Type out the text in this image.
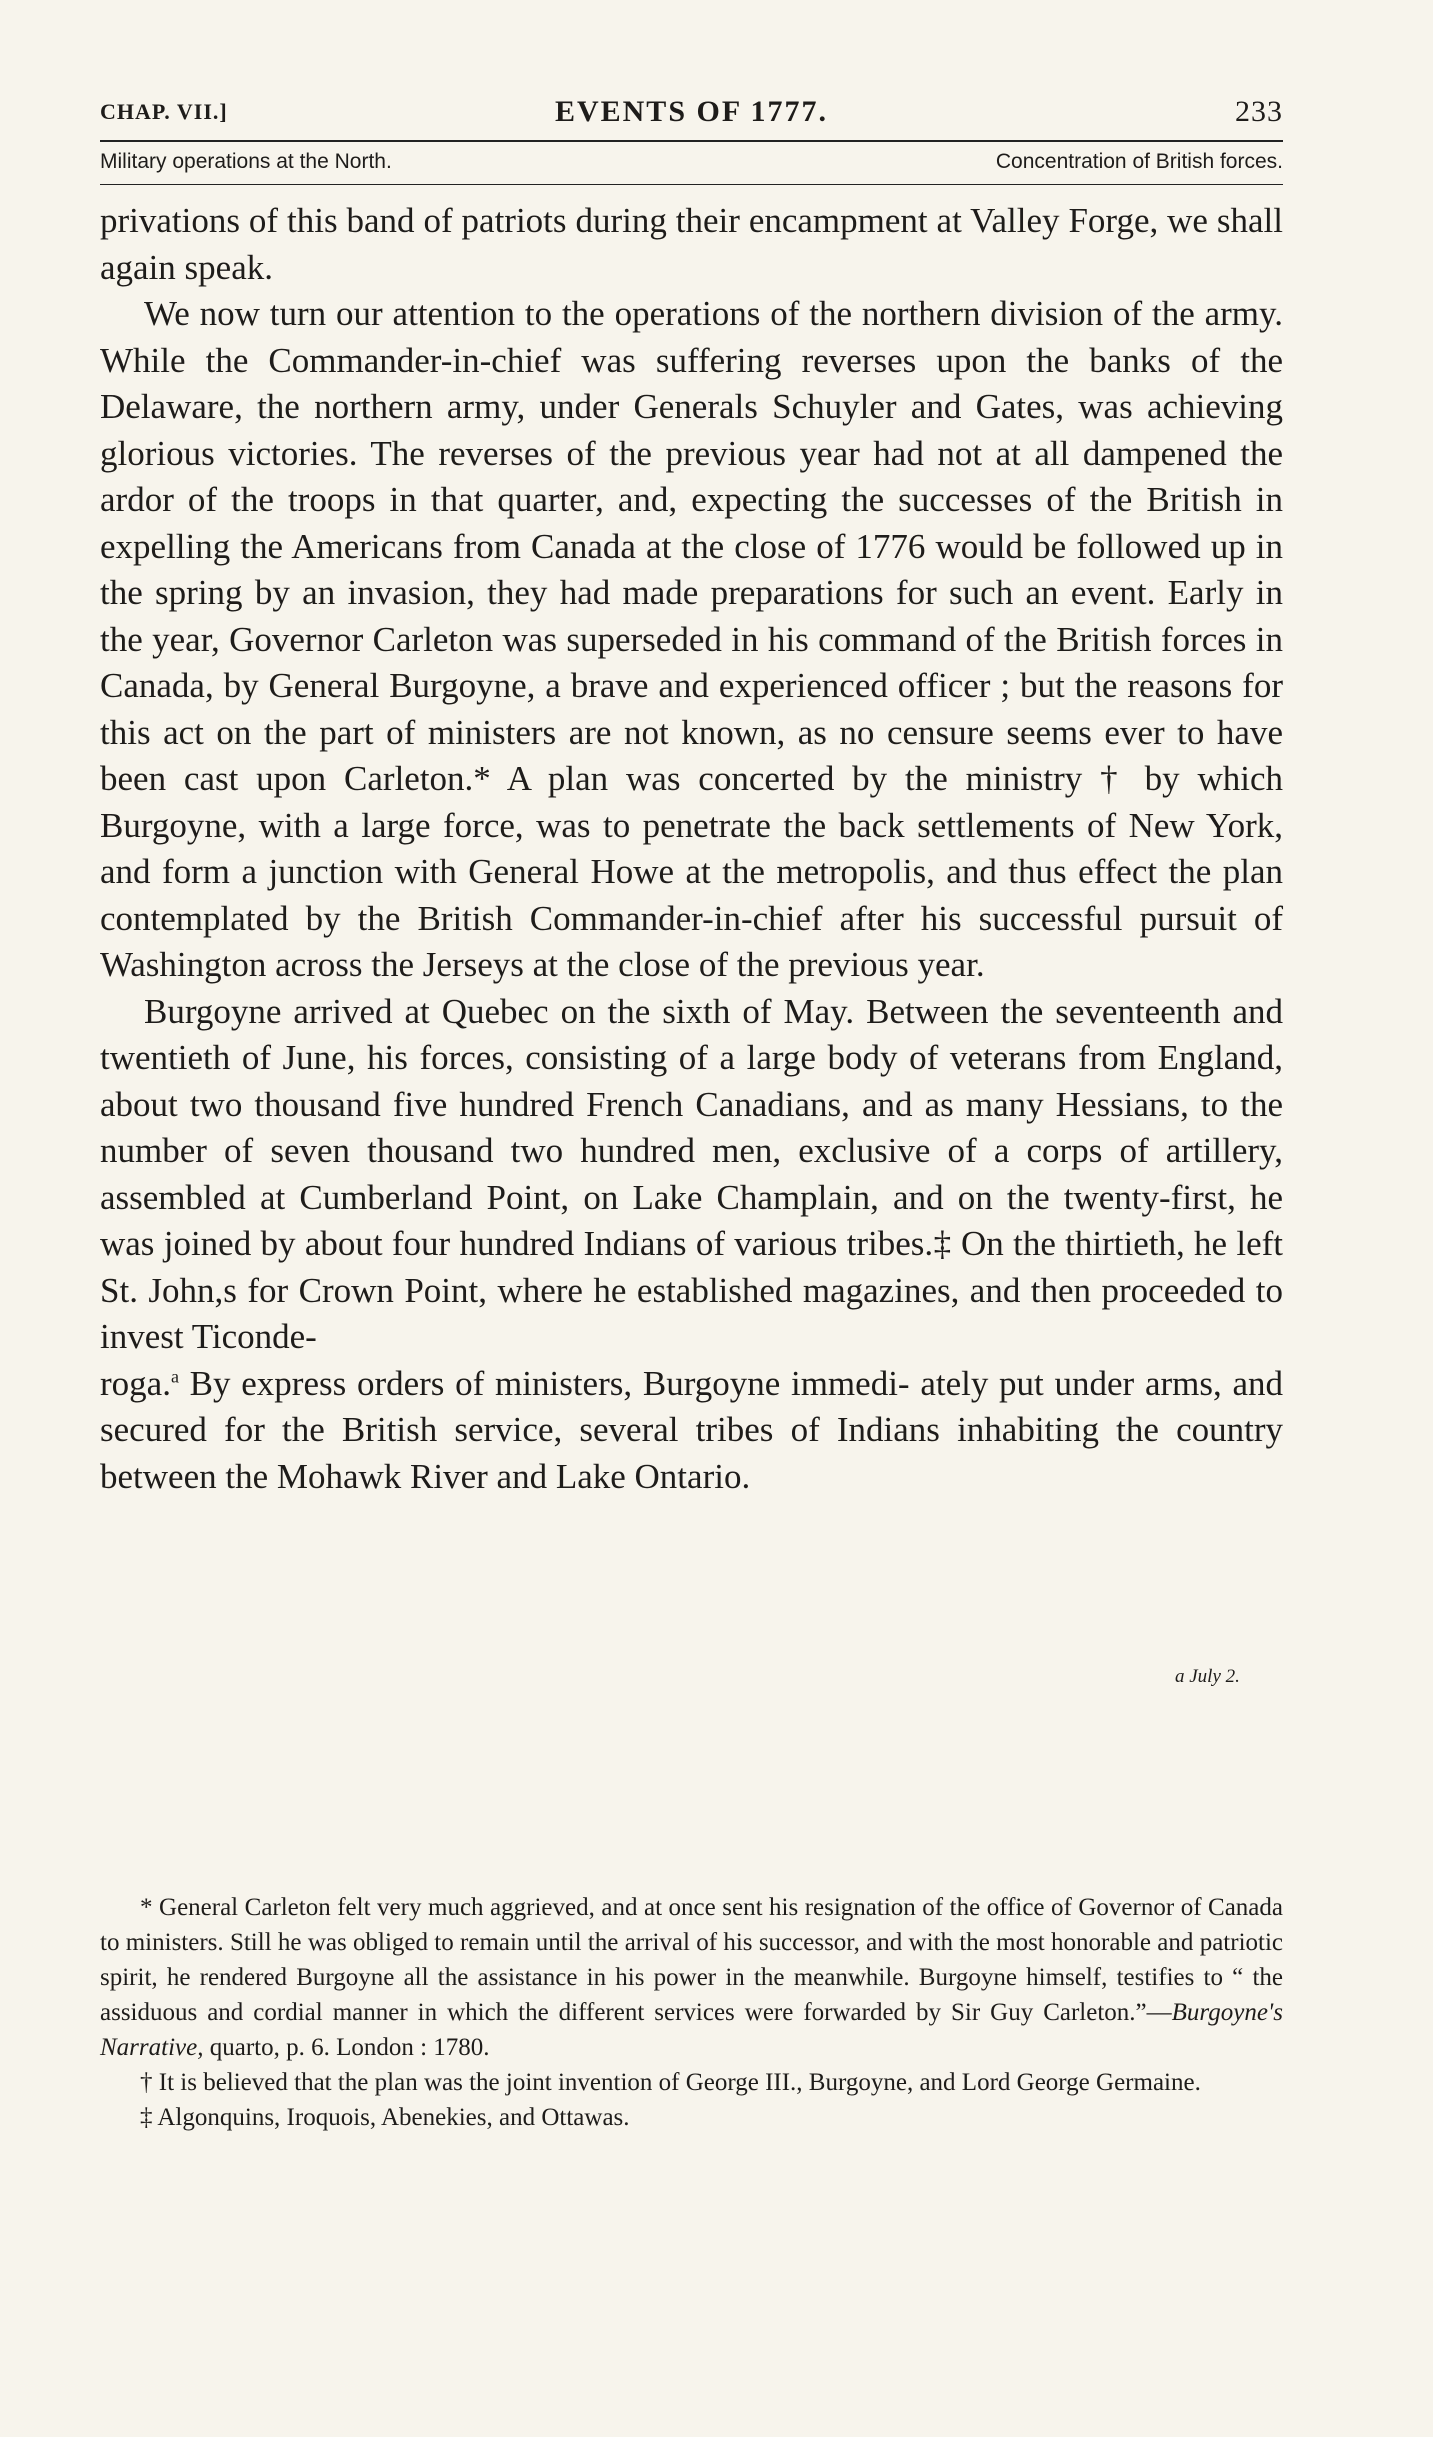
CHAP. VII.]	EVENTS OF 1777.	233
Military operations at the North.	Concentration of British forces.

privations of this band of patriots during their encampment at Valley Forge, we shall again speak.

We now turn our attention to the operations of the northern division of the army. While the Commander-in-chief was suffering reverses upon the banks of the Delaware, the northern army, under Generals Schuyler and Gates, was achieving glorious victories. The reverses of the previous year had not at all dampened the ardor of the troops in that quarter, and, expecting the successes of the British in expelling the Americans from Canada at the close of 1776 would be followed up in the spring by an invasion, they had made preparations for such an event. Early in the year, Governor Carleton was superseded in his command of the British forces in Canada, by General Burgoyne, a brave and experienced officer ; but the reasons for this act on the part of ministers are not known, as no censure seems ever to have been cast upon Carleton.* A plan was concerted by the ministry † by which Burgoyne, with a large force, was to penetrate the back settlements of New York, and form a junction with General Howe at the metropolis, and thus effect the plan contemplated by the British Commander-in-chief after his successful pursuit of Washington across the Jerseys at the close of the previous year.

Burgoyne arrived at Quebec on the sixth of May. Between the seventeenth and twentieth of June, his forces, consisting of a large body of veterans from England, about two thousand five hundred French Canadians, and as many Hessians, to the number of seven thousand two hundred men, exclusive of a corps of artillery, assembled at Cumberland Point, on Lake Champlain, and on the twenty-first, he was joined by about four hundred Indians of various tribes.‡ On the thirtieth, he left St. John,s for Crown Point, where he established magazines, and then proceeded to invest Ticonde-
roga.$^a$ By express orders of ministers, Burgoyne immedi- ately put under arms, and secured for the British service, several tribes of Indians inhabiting the country between the Mohawk River and Lake Ontario.

a July 2.

* General Carleton felt very much aggrieved, and at once sent his resignation of the office of Governor of Canada to ministers. Still he was obliged to remain until the arrival of his successor, and with the most honorable and patriotic spirit, he rendered Burgoyne all the assistance in his power in the meanwhile. Burgoyne himself, testifies to “ the assiduous and cordial manner in which the different services were forwarded by Sir Guy Carleton.”—Burgoyne's Narrative, quarto, p. 6. London : 1780.

† It is believed that the plan was the joint invention of George III., Burgoyne, and Lord George Germaine.

‡ Algonquins, Iroquois, Abenekies, and Ottawas.
